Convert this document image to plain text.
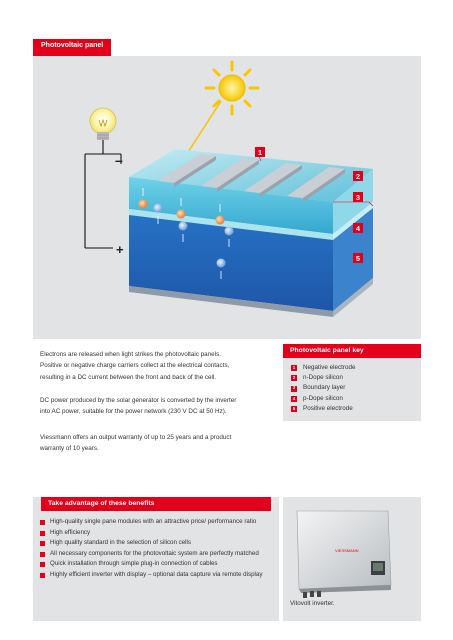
Photovoltaic panel
–
+
1
2
3
4
5

Electrons are released when light strikes the photovoltaic panels. Positive or negative charge carriers collect at the electrical contacts, resulting in a DC current between the front and back of the cell.

DC power produced by the solar generator is converted by the inverter into AC power, suitable for the power network (230 V DC at 50 Hz).

Viessmann offers an output warranty of up to 25 years and a product warranty of 10 years.

Photovoltaic panel key
1 Negative electrode
2 n-Dope silicon
3 Boundary layer
4 p-Dope silicon
5 Positive electrode
Take advantage of these benefits
High-quality single pane modules with an attractive price/ performance ratio
High efficiency
High quality standard in the selection of silicon cells
All necessary components for the photovoltaic system are perfectly matched
Quick installation through simple plug-in connection of cables
Highly efficient inverter with display – optional data capture via remote display
VIESSMANN
Vitovolt inverter.
